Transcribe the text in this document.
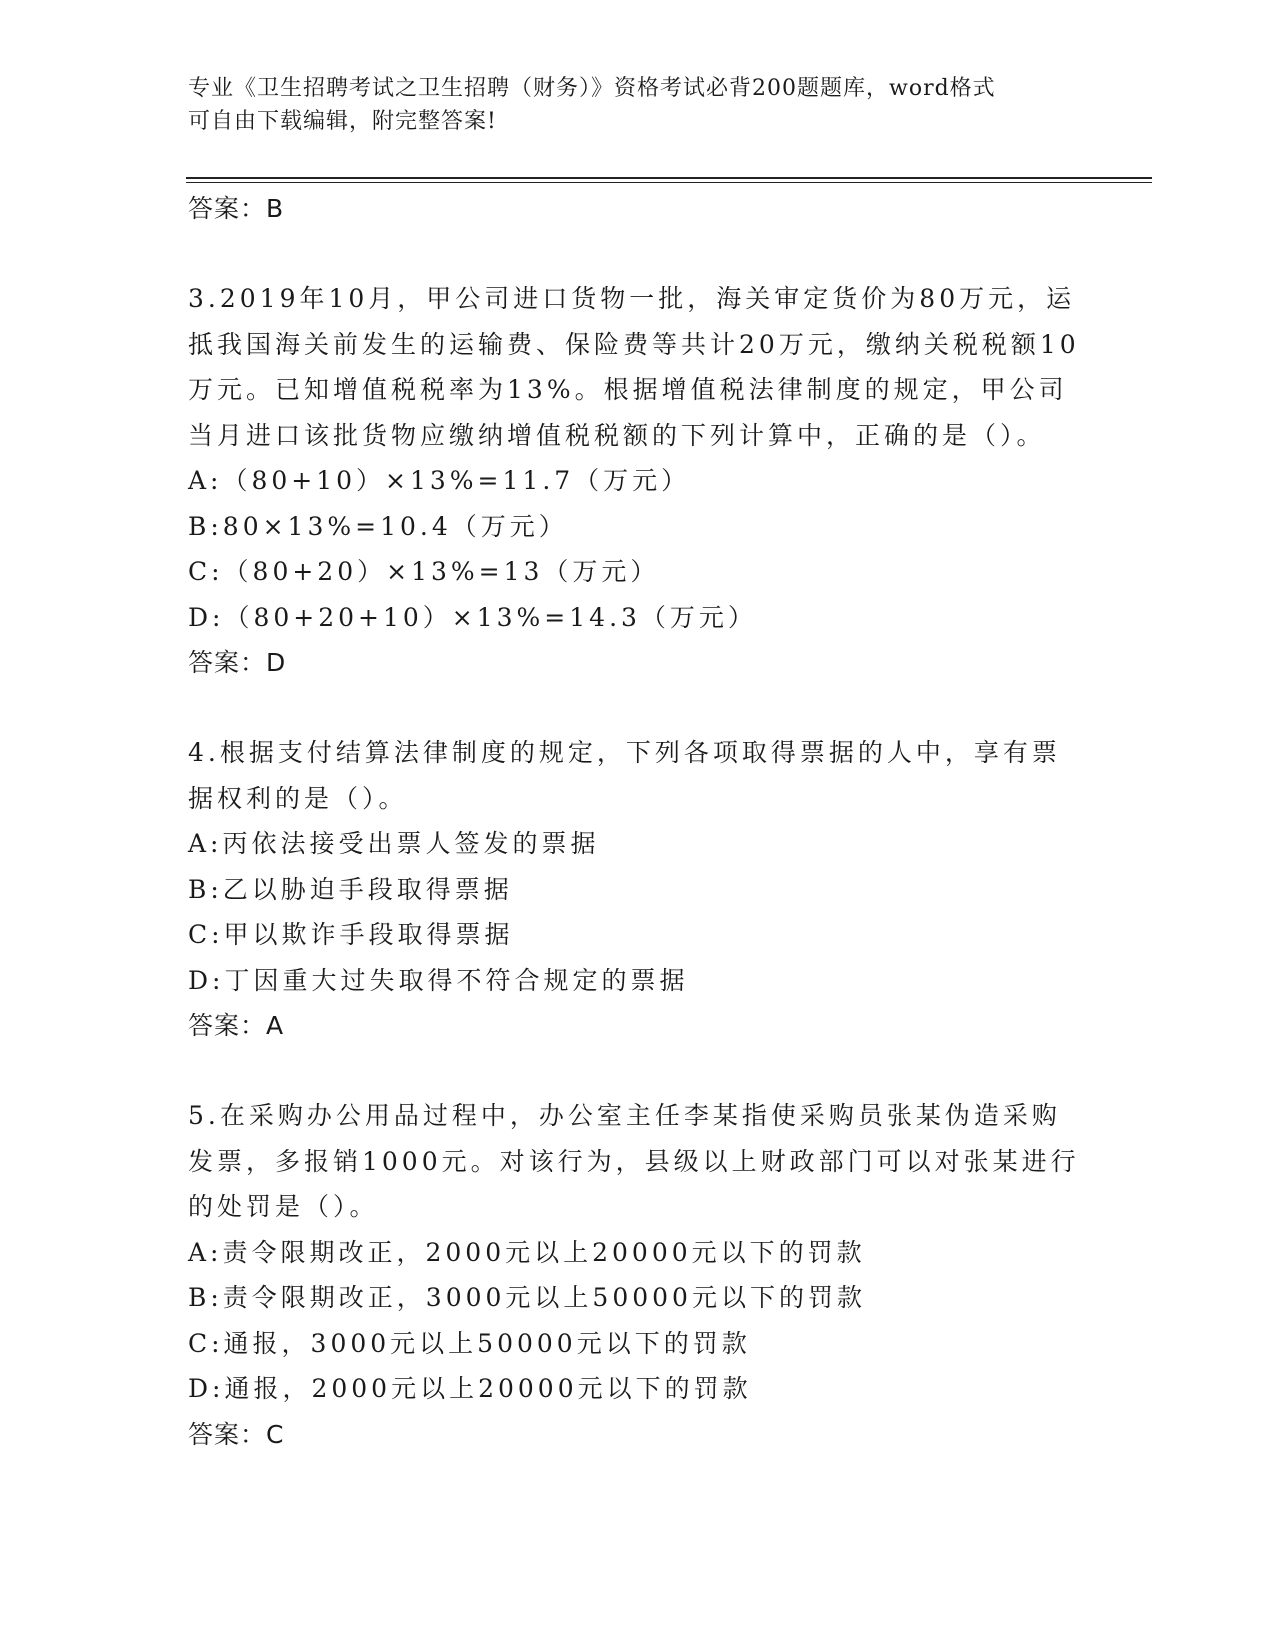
专业《卫生招聘考试之卫生招聘（财务）》资格考试必背200题题库，word格式
可自由下载编辑，附完整答案!
答案：B
3.2019年10月，甲公司进口货物一批，海关审定货价为80万元，运
抵我国海关前发生的运输费、保险费等共计20万元，缴纳关税税额10
万元。已知增值税税率为13%。根据增值税法律制度的规定，甲公司
当月进口该批货物应缴纳增值税税额的下列计算中，正确的是（）。
A:（80+10）×13%=11.7（万元）
B:80×13%=10.4（万元）
C:（80+20）×13%=13（万元）
D:（80+20+10）×13%=14.3（万元）
答案：D
4.根据支付结算法律制度的规定，下列各项取得票据的人中，享有票
据权利的是（）。
A:丙依法接受出票人签发的票据
B:乙以胁迫手段取得票据
C:甲以欺诈手段取得票据
D:丁因重大过失取得不符合规定的票据
答案：A
5.在采购办公用品过程中，办公室主任李某指使采购员张某伪造采购
发票，多报销1000元。对该行为，县级以上财政部门可以对张某进行
的处罚是（）。
A:责令限期改正，2000元以上20000元以下的罚款
B:责令限期改正，3000元以上50000元以下的罚款
C:通报，3000元以上50000元以下的罚款
D:通报，2000元以上20000元以下的罚款
答案：C
